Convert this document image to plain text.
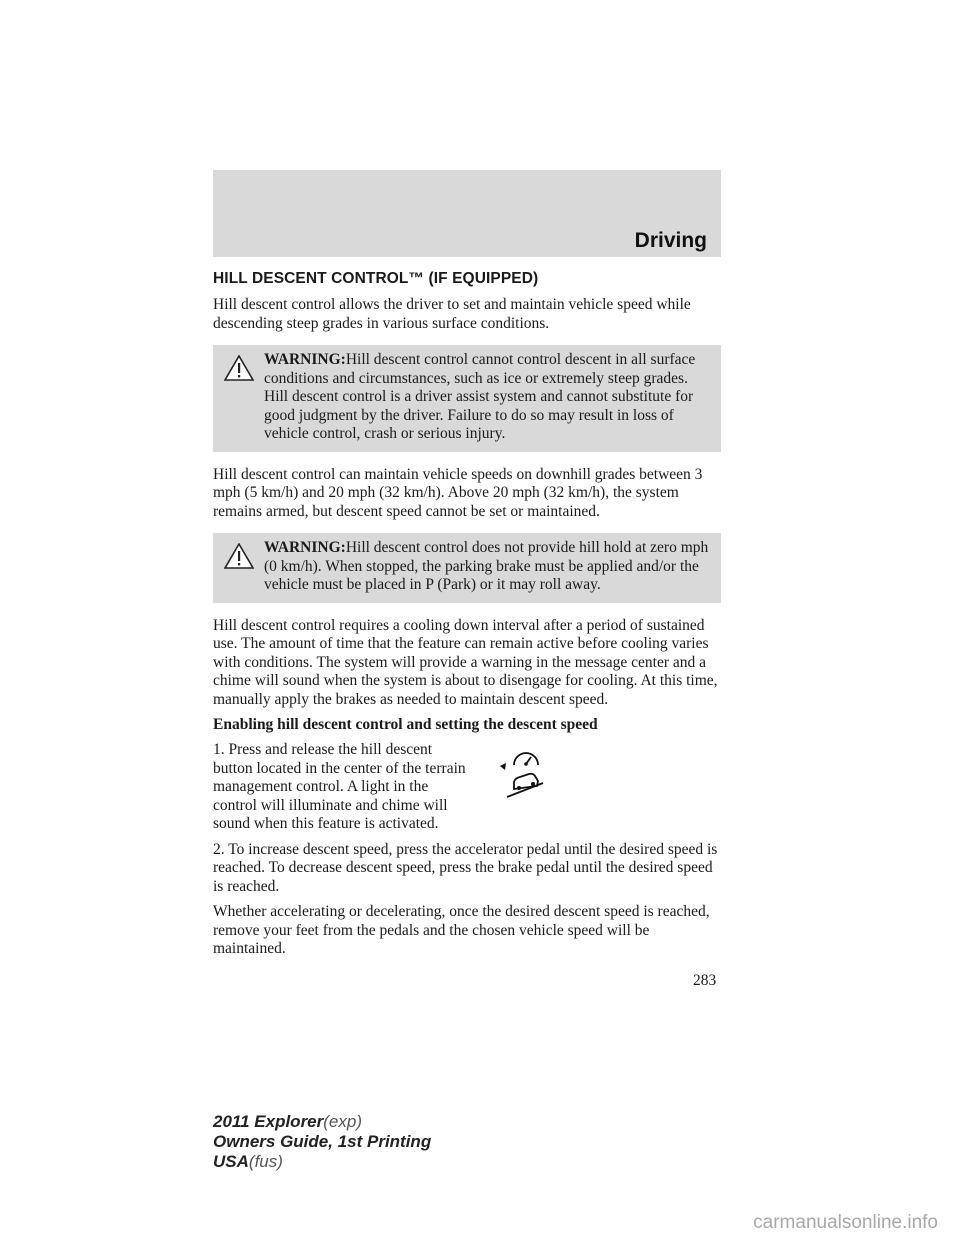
Driving
HILL DESCENT CONTROL™ (IF EQUIPPED)

Hill descent control allows the driver to set and maintain vehicle speed while descending steep grades in various surface conditions.

WARNING:Hill descent control cannot control descent in all surface conditions and circumstances, such as ice or extremely steep grades. Hill descent control is a driver assist system and cannot substitute for good judgment by the driver. Failure to do so may result in loss of vehicle control, crash or serious injury.

Hill descent control can maintain vehicle speeds on downhill grades between 3 mph (5 km/h) and 20 mph (32 km/h). Above 20 mph (32 km/h), the system remains armed, but descent speed cannot be set or maintained.

WARNING:Hill descent control does not provide hill hold at zero mph (0 km/h). When stopped, the parking brake must be applied and/or the vehicle must be placed in P (Park) or it may roll away.

Hill descent control requires a cooling down interval after a period of sustained use. The amount of time that the feature can remain active before cooling varies with conditions. The system will provide a warning in the message center and a chime will sound when the system is about to disengage for cooling. At this time, manually apply the brakes as needed to maintain descent speed.

Enabling hill descent control and setting the descent speed

1. Press and release the hill descent button located in the center of the terrain management control. A light in the control will illuminate and chime will sound when this feature is activated.

2. To increase descent speed, press the accelerator pedal until the desired speed is reached. To decrease descent speed, press the brake pedal until the desired speed is reached.

Whether accelerating or decelerating, once the desired descent speed is reached, remove your feet from the pedals and the chosen vehicle speed will be maintained.

283
2011 Explorer(exp)
Owners Guide, 1st Printing
USA(fus)
carmanualsonline.info
